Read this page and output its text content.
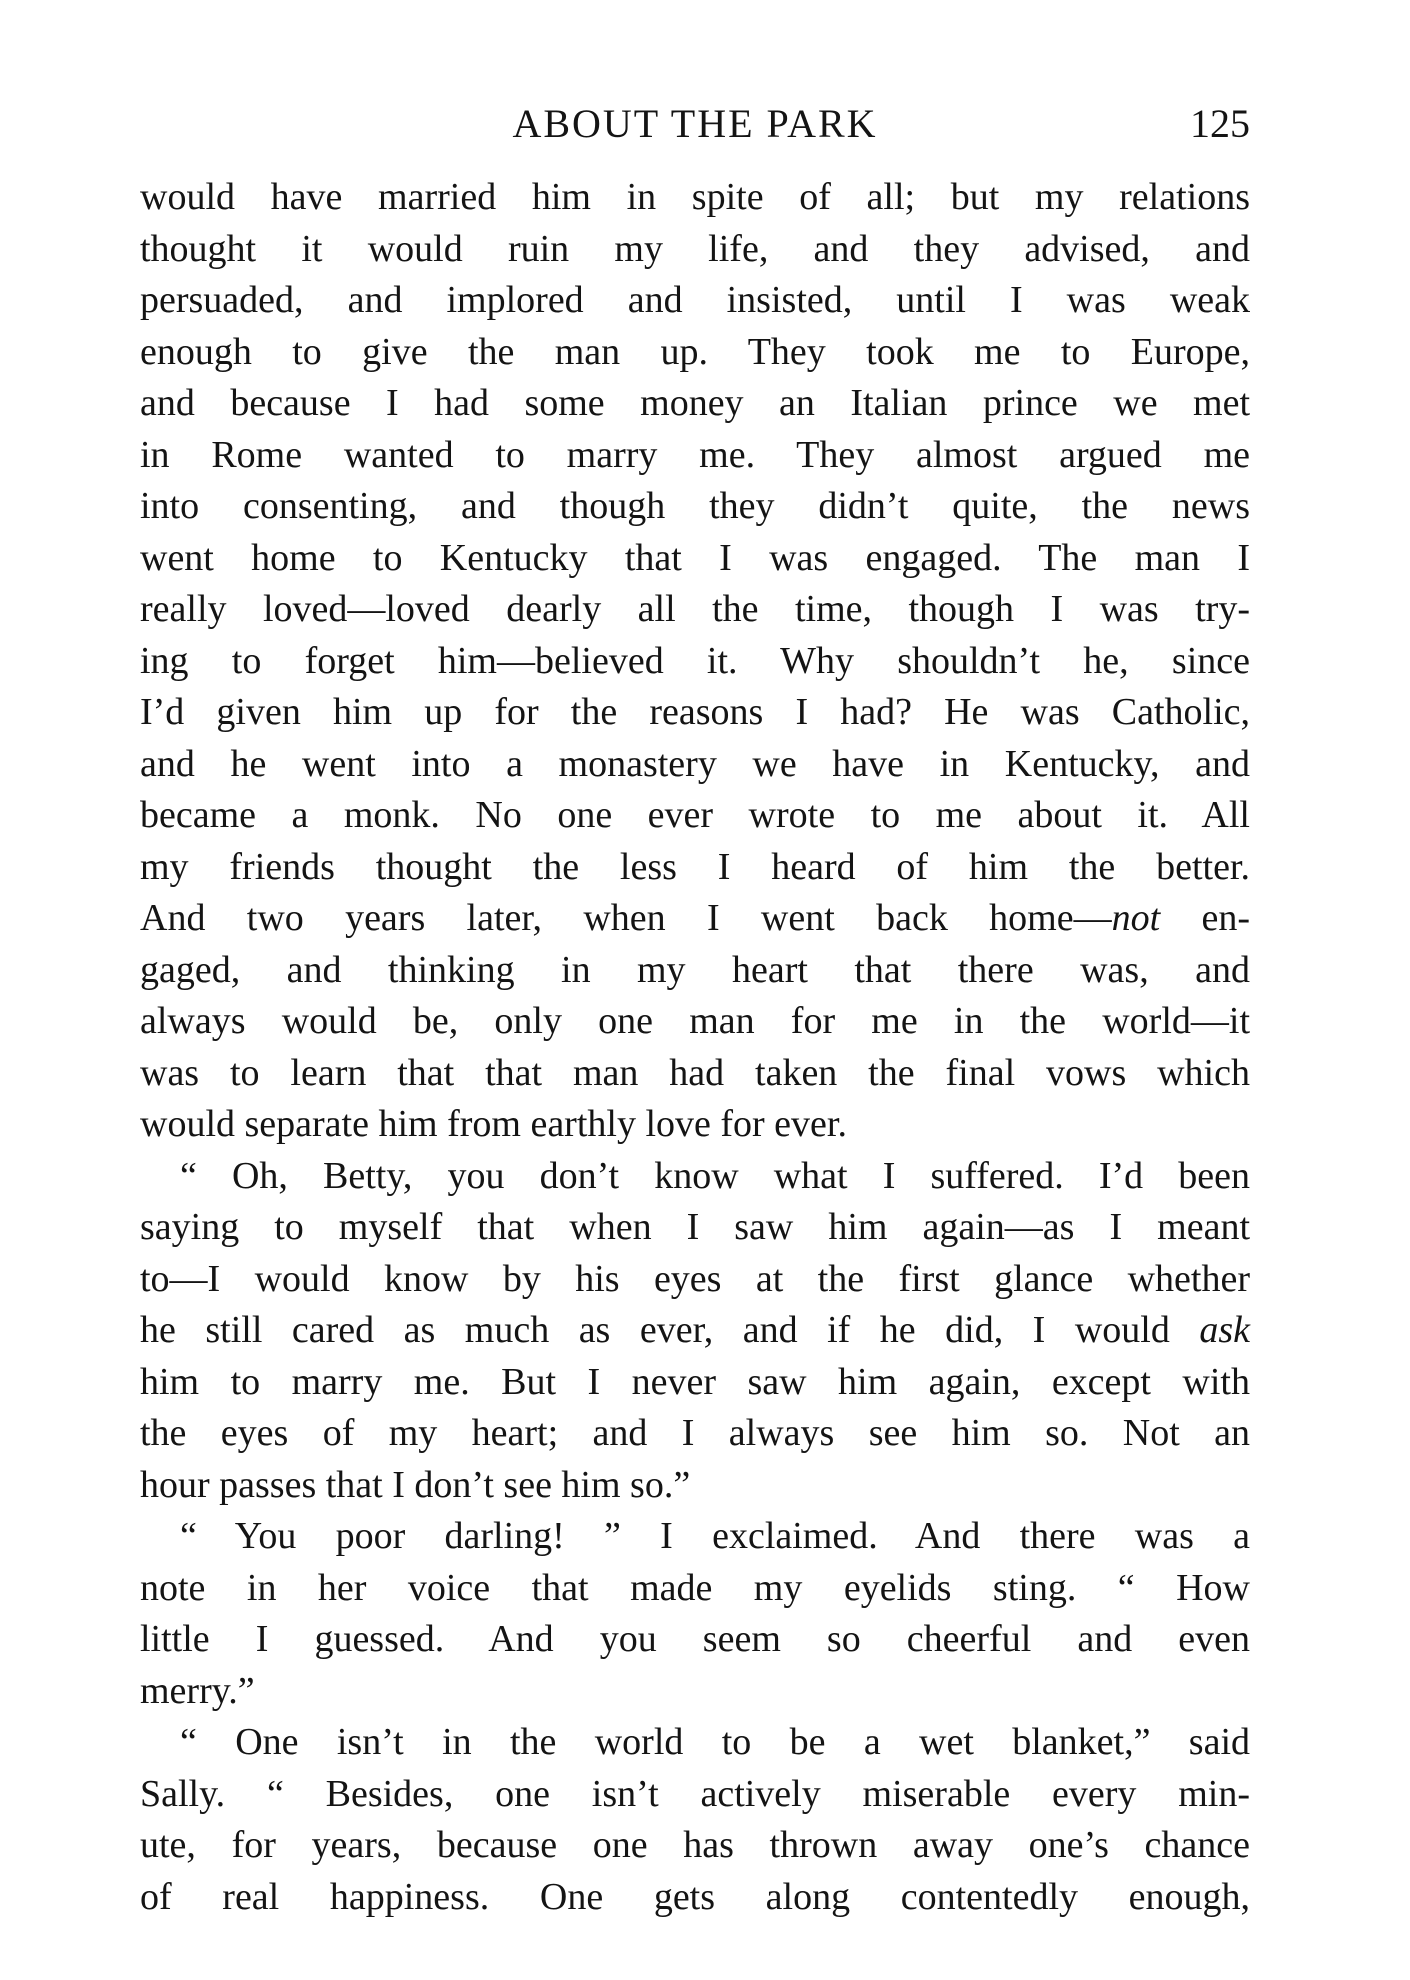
ABOUT THE PARK	125
would have married him in spite of all; but my relations
thought it would ruin my life, and they advised, and
persuaded, and implored and insisted, until I was weak
enough to give the man up. They took me to Europe,
and because I had some money an Italian prince we met
in Rome wanted to marry me. They almost argued me
into consenting, and though they didn’t quite, the news
went home to Kentucky that I was engaged. The man I
really loved—loved dearly all the time, though I was try-
ing to forget him—believed it. Why shouldn’t he, since
I’d given him up for the reasons I had? He was Catholic,
and he went into a monastery we have in Kentucky, and
became a monk. No one ever wrote to me about it. All
my friends thought the less I heard of him the better.
And two years later, when I went back home—not en-
gaged, and thinking in my heart that there was, and
always would be, only one man for me in the world—it
was to learn that that man had taken the final vows which
would separate him from earthly love for ever.
“ Oh, Betty, you don’t know what I suffered. I’d been
saying to myself that when I saw him again—as I meant
to—I would know by his eyes at the first glance whether
he still cared as much as ever, and if he did, I would ask
him to marry me. But I never saw him again, except with
the eyes of my heart; and I always see him so. Not an
hour passes that I don’t see him so.”
“ You poor darling! ” I exclaimed. And there was a
note in her voice that made my eyelids sting. “ How
little I guessed. And you seem so cheerful and even
merry.”
“ One isn’t in the world to be a wet blanket,” said
Sally. “ Besides, one isn’t actively miserable every min-
ute, for years, because one has thrown away one’s chance
of real happiness. One gets along contentedly enough,
